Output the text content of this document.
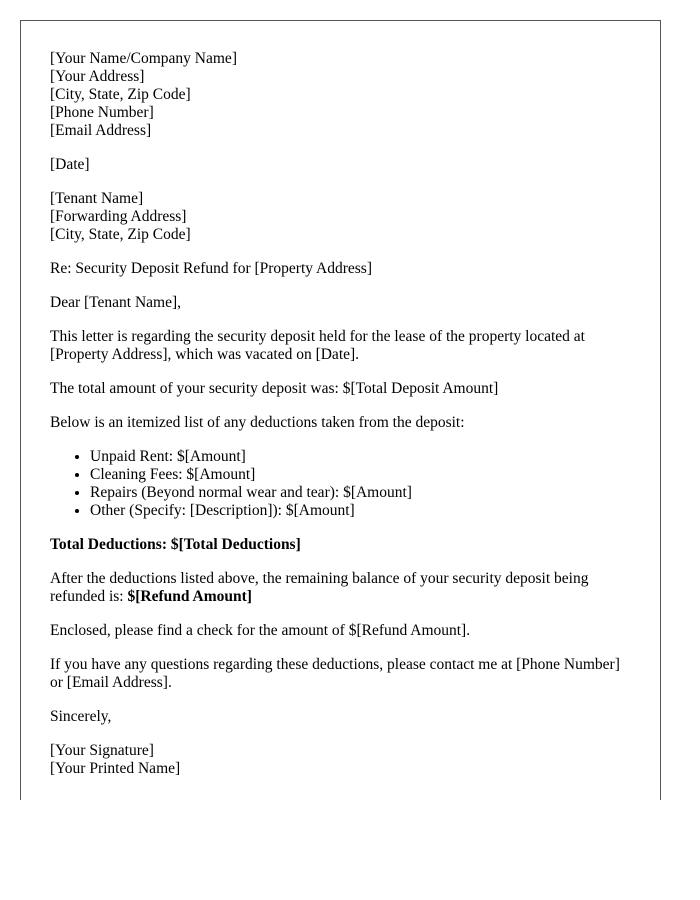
[Your Name/Company Name]
[Your Address]
[City, State, Zip Code]
[Phone Number]
[Email Address]
[Date]
[Tenant Name]
[Forwarding Address]
[City, State, Zip Code]

Re: Security Deposit Refund for [Property Address]

Dear [Tenant Name],

This letter is regarding the security deposit held for the lease of the property located at [Property Address], which was vacated on [Date].

The total amount of your security deposit was: $[Total Deposit Amount]

Below is an itemized list of any deductions taken from the deposit:

• Unpaid Rent: $[Amount]
• Cleaning Fees: $[Amount]
• Repairs (Beyond normal wear and tear): $[Amount]
• Other (Specify: [Description]): $[Amount]

Total Deductions: $[Total Deductions]

After the deductions listed above, the remaining balance of your security deposit being refunded is: $[Refund Amount]

Enclosed, please find a check for the amount of $[Refund Amount].

If you have any questions regarding these deductions, please contact me at [Phone Number] or [Email Address].

Sincerely,

[Your Signature]
[Your Printed Name]
